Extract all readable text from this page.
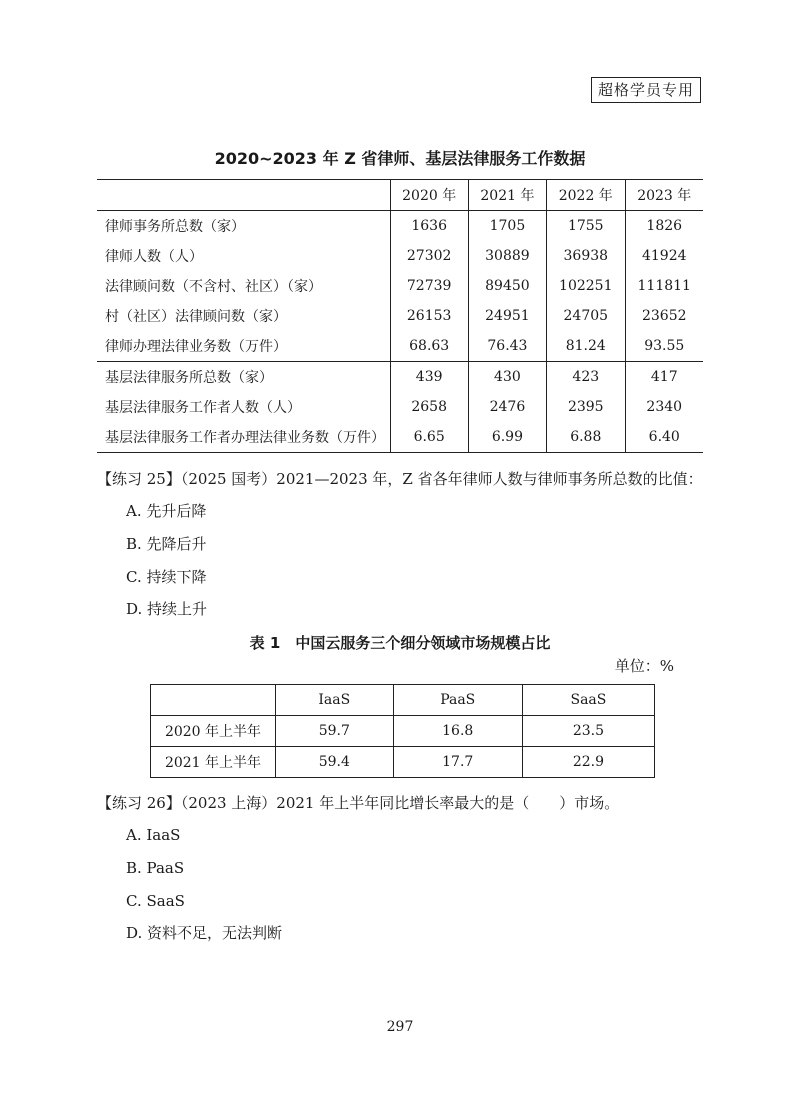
超格学员专用
2020~2023 年 Z 省律师、基层法律服务工作数据
	2020 年	2021 年	2022 年	2023 年
律师事务所总数（家）	1636	1705	1755	1826
律师人数（人）	27302	30889	36938	41924
法律顾问数（不含村、社区）（家）	72739	89450	102251	111811
村（社区）法律顾问数（家）	26153	24951	24705	23652
律师办理法律业务数（万件）	68.63	76.43	81.24	93.55
基层法律服务所总数（家）	439	430	423	417
基层法律服务工作者人数（人）	2658	2476	2395	2340
基层法律服务工作者办理法律业务数（万件）	6.65	6.99	6.88	6.40
【练习 25】（2025 国考）2021—2023 年，Z 省各年律师人数与律师事务所总数的比值：
A. 先升后降
B. 先降后升
C. 持续下降
D. 持续上升
表 1　中国云服务三个细分领域市场规模占比
单位：%
	IaaS	PaaS	SaaS
2020 年上半年	59.7	16.8	23.5
2021 年上半年	59.4	17.7	22.9
【练习 26】（2023 上海）2021 年上半年同比增长率最大的是（　　）市场。
A. IaaS
B. PaaS
C. SaaS
D. 资料不足，无法判断
297
